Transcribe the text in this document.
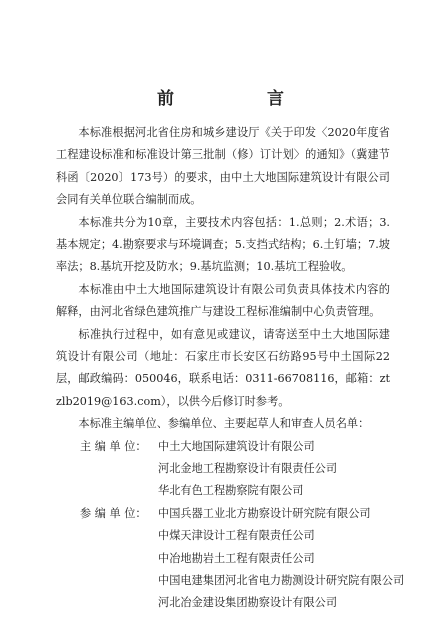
前　言

本标准根据河北省住房和城乡建设厅《关于印发〈2020年度省工程建设标准和标准设计第三批制（修）订计划〉的通知》（冀建节科函〔2020〕173号）的要求，由中土大地国际建筑设计有限公司会同有关单位联合编制而成。

本标准共分为10章，主要技术内容包括：1.总则；2.术语；3.基本规定；4.勘察要求与环境调查；5.支挡式结构；6.土钉墙；7.坡率法；8.基坑开挖及防水；9.基坑监测；10.基坑工程验收。

本标准由中土大地国际建筑设计有限公司负责具体技术内容的解释，由河北省绿色建筑推广与建设工程标准编制中心负责管理。

标准执行过程中，如有意见或建议，请寄送至中土大地国际建筑设计有限公司（地址：石家庄市长安区石纺路95号中土国际22层，邮政编码：050046，联系电话：0311-66708116，邮箱：ztzlb2019@163.com），以供今后修订时参考。

本标准主编单位、参编单位、主要起草人和审查人员名单：

主 编 单 位：	中土大地国际建筑设计有限公司
河北金地工程勘察设计有限责任公司
华北有色工程勘察院有限公司
参 编 单 位：	中国兵器工业北方勘察设计研究院有限公司
中煤天津设计工程有限责任公司
中冶地勘岩土工程有限责任公司
中国电建集团河北省电力勘测设计研究院有限公司
河北冶金建设集团勘察设计有限公司
